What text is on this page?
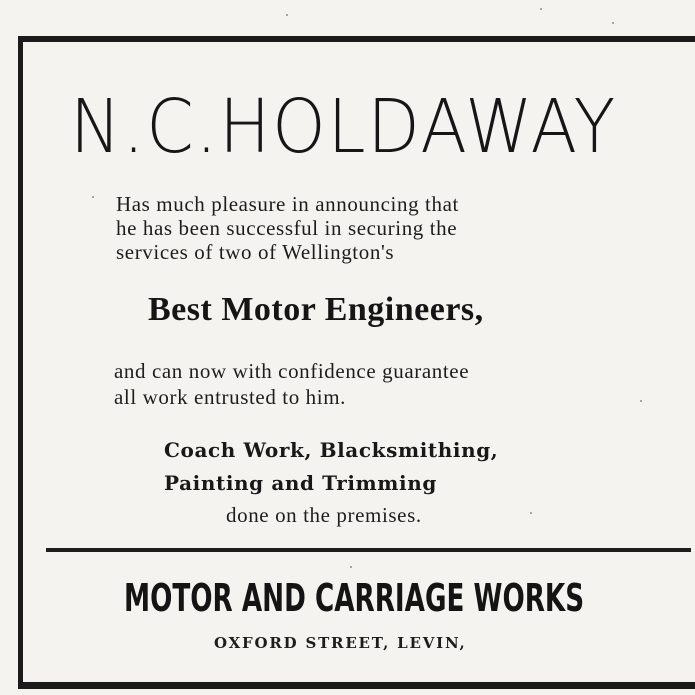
N.C.HOLDAWAY

Has much pleasure in announcing that
he has been successful in securing the
services of two of Wellington's

Best Motor Engineers,

and can now with confidence guarantee
all work entrusted to him.

Coach Work, Blacksmithing,
Painting and Trimming

done on the premises.

MOTOR AND CARRIAGE WORKS

OXFORD STREET, LEVIN,
